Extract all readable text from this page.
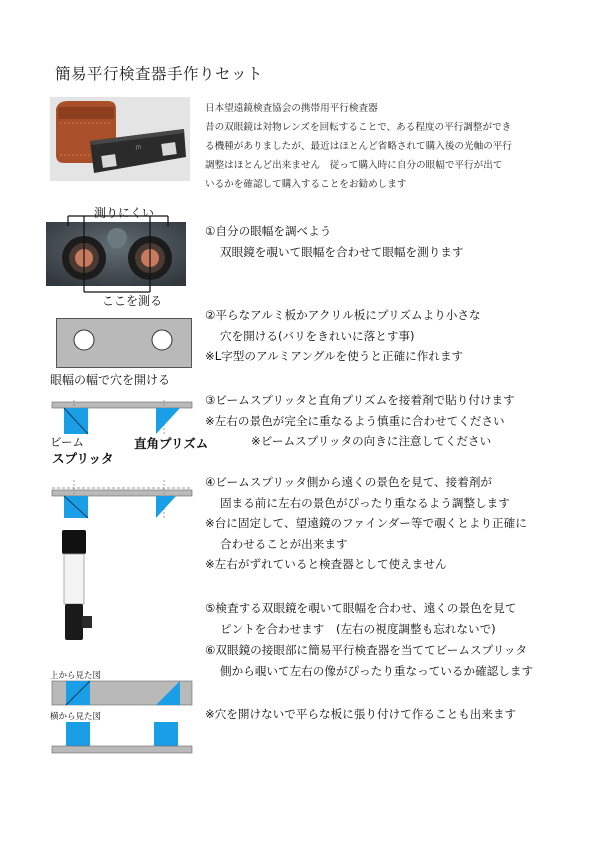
簡易平行検査器手作りセット
JTI
日本望遠鏡検査協会の携帯用平行検査器
昔の双眼鏡は対物レンズを回転することで、ある程度の平行調整ができ
る機種がありましたが、最近はほとんど省略されて購入後の光軸の平行
調整はほとんど出来ません　従って購入時に自分の眼幅で平行が出て
いるかを確認して購入することをお勧めします
測りにくい
ここを測る
①自分の眼幅を調べよう
双眼鏡を覗いて眼幅を合わせて眼幅を測ります
眼幅の幅で穴を開ける
②平らなアルミ板かアクリル板にプリズムより小さな
穴を開ける(バリをきれいに落とす事)
※L字型のアルミアングルを使うと正確に作れます
ビーム
スプリッタ
直角プリズム
③ビームスプリッタと直角プリズムを接着剤で貼り付けます
※左右の景色が完全に重なるよう慎重に合わせてください
※ビームスプリッタの向きに注意してください
④ビームスプリッタ側から遠くの景色を見て、接着剤が
固まる前に左右の景色がぴったり重なるよう調整します
※台に固定して、望遠鏡のファインダー等で覗くとより正確に
合わせることが出来ます
※左右がずれていると検査器として使えません
⑤検査する双眼鏡を覗いて眼幅を合わせ、遠くの景色を見て
ピントを合わせます　(左右の視度調整も忘れないで)
⑥双眼鏡の接眼部に簡易平行検査器を当ててビームスプリッタ
側から覗いて左右の像がぴったり重なっているか確認します
上から見た図
横から見た図	※穴を開けないで平らな板に張り付けて作ることも出来ます
